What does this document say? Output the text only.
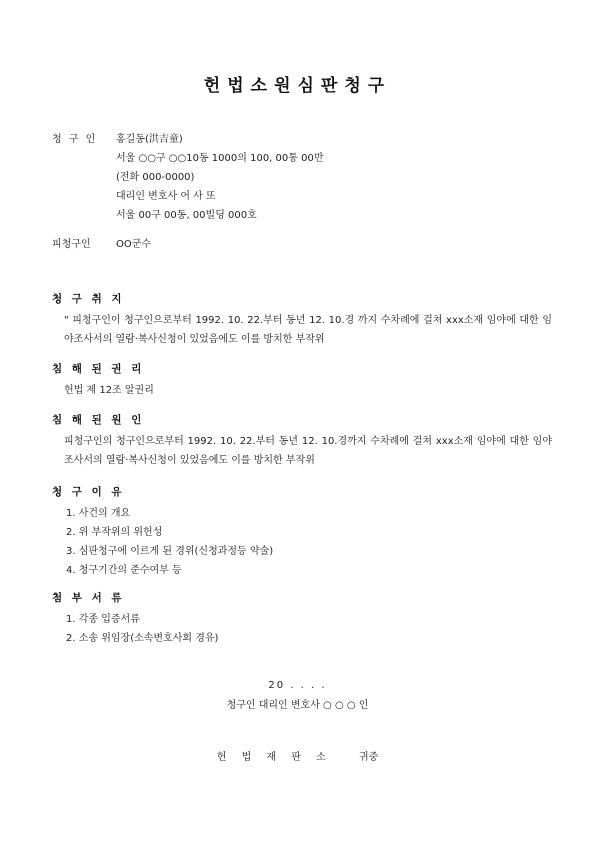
헌법소원심판청구
청 구 인	홍길동(洪吉童)
서울 ○○구 ○○10동 1000의 100, 00통 00반
(전화 000-0000)
대리인 변호사 어 사 또
서울 00구 00동, 00빌딩 000호
피청구인	OO군수
청 구 취 지
" 피청구인이 청구인으로부터 1992. 10. 22.부터 동년 12. 10.경 까지 수차례에 걸쳐 xxx소재 임야에 대한 임야조사서의 열람·복사신청이 있었음에도 이를 방치한 부작위
침 해 된 권 리
헌법 제 12조 알권리
침 해 된 원 인
피청구인의 청구인으로부터 1992. 10. 22.부터 동년 12. 10.경까지 수차례에 걸쳐 xxx소재 임야에 대한 임야조사서의 열람·복사신청이 있었음에도 이를 방치한 부작위
청 구 이 유
1. 사건의 개요
2. 위 부작위의 위헌성
3. 심판청구에 이르게 된 경위(신청과정등 약술)
4. 청구기간의 준수여부 등
첨 부 서 류
1. 각종 입증서류
2. 소송 위임장(소속변호사회 경유)
20 . . . .
청구인 대리인 변호사 ○ ○ ○ 인
헌 법 재 판 소	귀중
